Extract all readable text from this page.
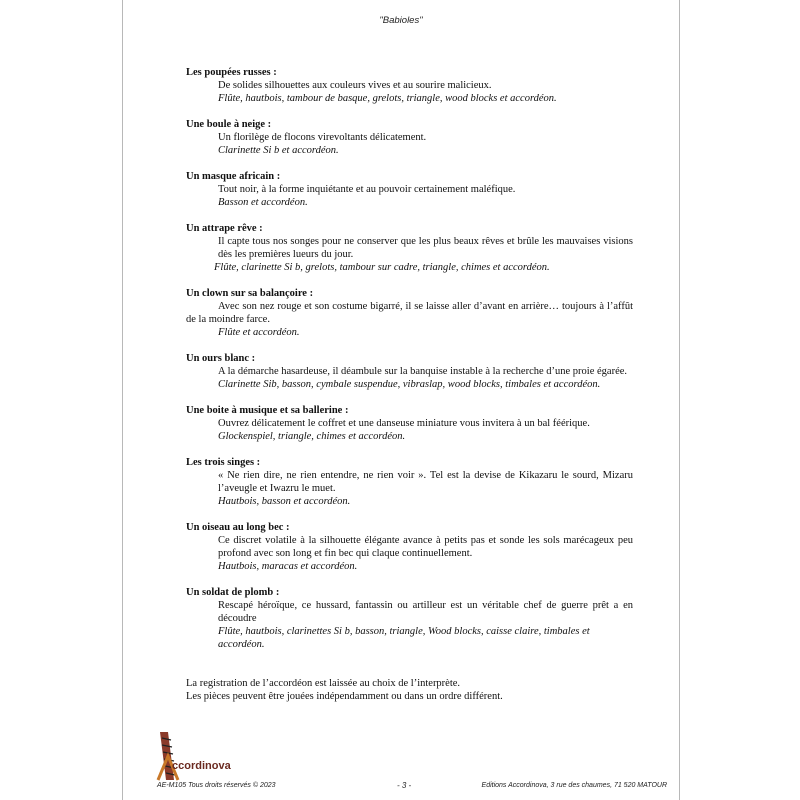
"Babioles"
Les poupées russes :
De solides silhouettes aux couleurs vives et au sourire malicieux.
Flûte, hautbois, tambour de basque, grelots, triangle, wood blocks et accordéon.
Une boule à neige :
Un florilège de flocons virevoltants délicatement.
Clarinette Si b et accordéon.
Un masque africain :
Tout noir, à la forme inquiétante et au pouvoir certainement maléfique.
Basson et accordéon.
Un attrape rêve :
Il capte tous nos songes pour ne conserver que les plus beaux rêves et brûle les mauvaises visions dès les premières lueurs du jour.
Flûte, clarinette Si b, grelots, tambour sur cadre, triangle, chimes et accordéon.
Un clown sur sa balançoire :
Avec son nez rouge et son costume bigarré, il se laisse aller d’avant en arrière… toujours à l’affût de la moindre farce.
Flûte et accordéon.
Un ours blanc :
A la démarche hasardeuse, il déambule sur la banquise instable à la recherche d’une proie égarée.
Clarinette Sib, basson, cymbale suspendue, vibraslap, wood blocks, timbales et accordéon.
Une boite à musique et sa ballerine :
Ouvrez délicatement le coffret et une danseuse miniature vous invitera à un bal féérique.
Glockenspiel, triangle, chimes et accordéon.
Les trois singes :
« Ne rien dire, ne rien entendre, ne rien voir ». Tel est la devise de Kikazaru le sourd, Mizaru l’aveugle et Iwazru le muet.
Hautbois, basson et accordéon.
Un oiseau au long bec :
Ce discret volatile à la silhouette élégante avance à petits pas et sonde les sols marécageux peu profond avec son long et fin bec qui claque continuellement.
Hautbois, maracas et accordéon.
Un soldat de plomb :
Rescapé héroïque, ce hussard, fantassin ou artilleur est un véritable chef de guerre prêt a en découdre
Flûte, hautbois, clarinettes Si b, basson, triangle, Wood blocks, caisse claire, timbales et accordéon.
La registration de l’accordéon est laissée au choix de l’interprète.
Les pièces peuvent être jouées indépendamment ou dans un ordre différent.
ccordinova
AE-M105 Tous droits réservés © 2023	- 3 -	Editions Accordinova, 3 rue des chaumes, 71 520 MATOUR
